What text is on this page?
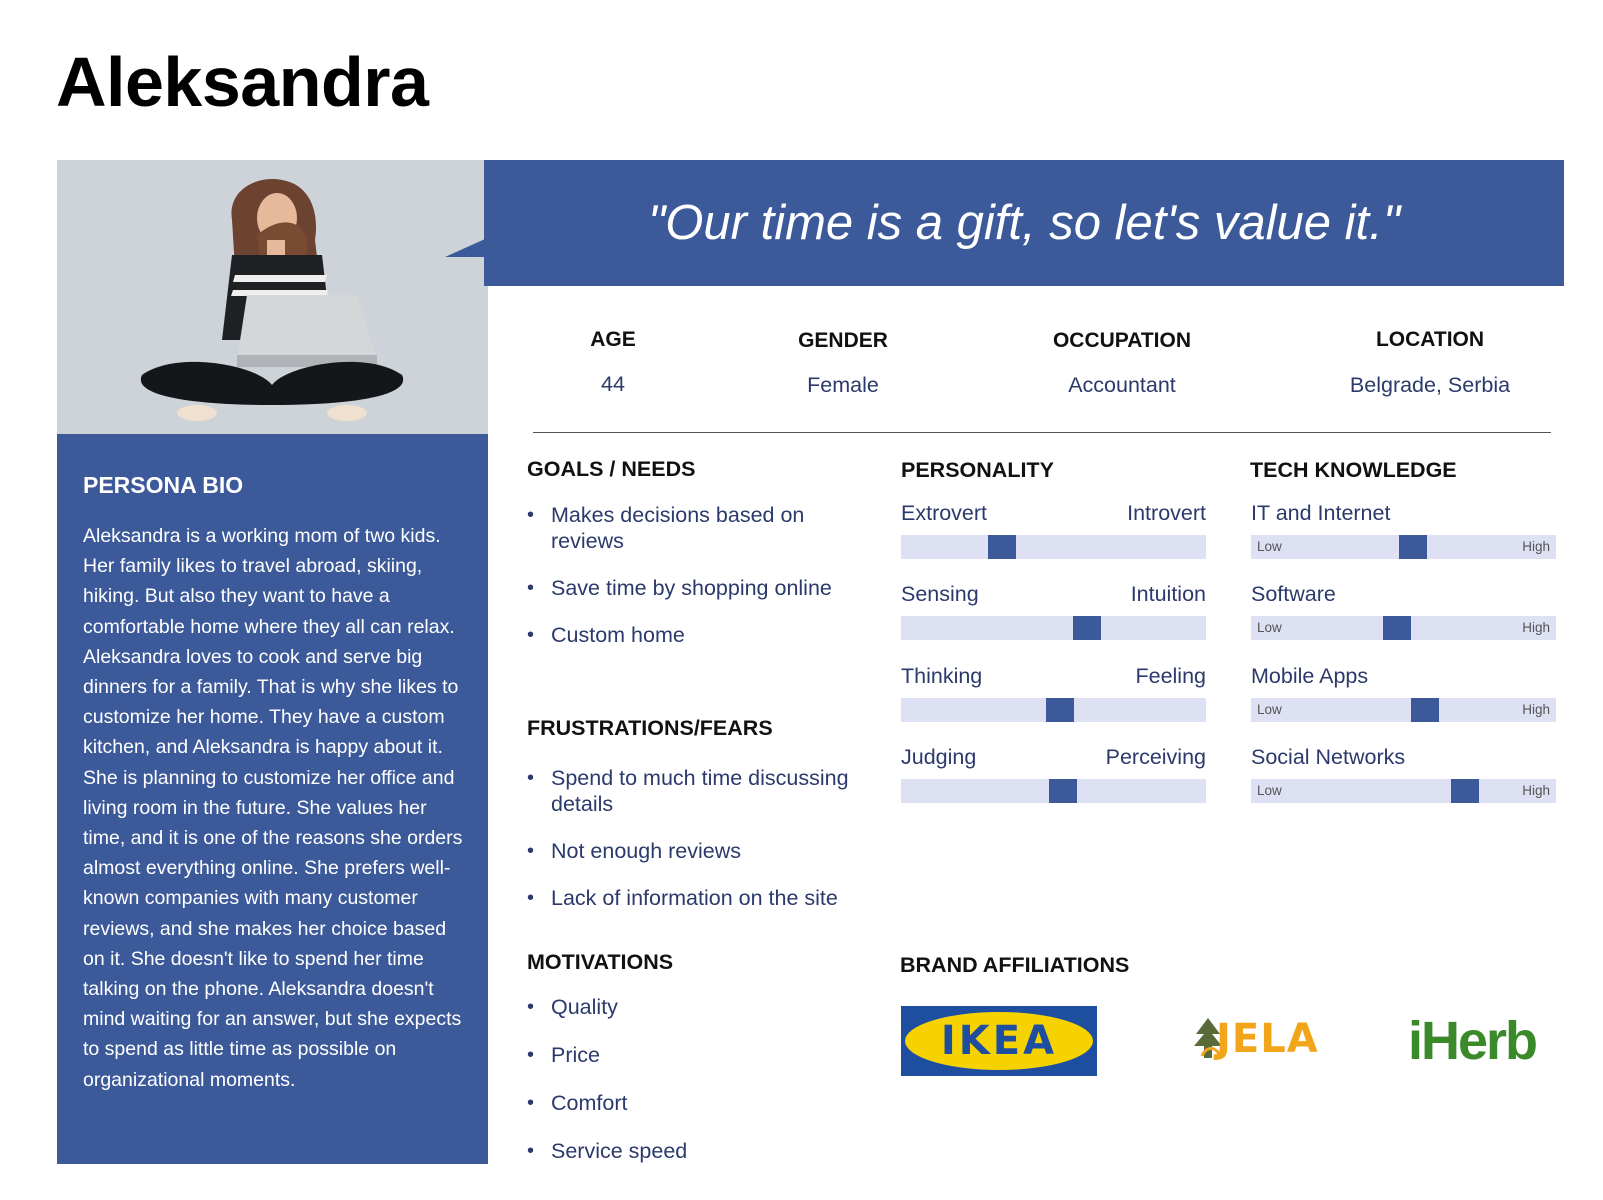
Aleksandra
"Our time is a gift, so let's value it."
AGE
44
GENDER
Female
OCCUPATION
Accountant
LOCATION
Belgrade, Serbia
PERSONA BIO
Aleksandra is a working mom of two kids. Her family likes to travel abroad, skiing, hiking. But also they want to have a comfortable home where they all can relax. Aleksandra loves to cook and serve big dinners for a family. That is why she likes to customize her home. They have a custom kitchen, and Aleksandra is happy about it. She is planning to customize her office and living room in the future. She values her time, and it is one of the reasons she orders almost everything online. She prefers well-known companies with many customer reviews, and she makes her choice based on it. She doesn't like to spend her time talking on the phone. Aleksandra doesn't mind waiting for an answer, but she expects to spend as little time as possible on organizational moments.
GOALS / NEEDS
• Makes decisions based on reviews
• Save time by shopping online
• Custom home
FRUSTRATIONS/FEARS
• Spend to much time discussing details
• Not enough reviews
• Lack of information on the site
MOTIVATIONS
• Quality
• Price
• Comfort
• Service speed
PERSONALITY
Extrovert	Introvert
Sensing	Intuition
Thinking	Feeling
Judging	Perceiving
TECH KNOWLEDGE
IT and Internet
Low	High
Software
Low	High
Mobile Apps
Low	High
Social Networks
Low	High
BRAND AFFILIATIONS
IKEA	JELA iHerb
